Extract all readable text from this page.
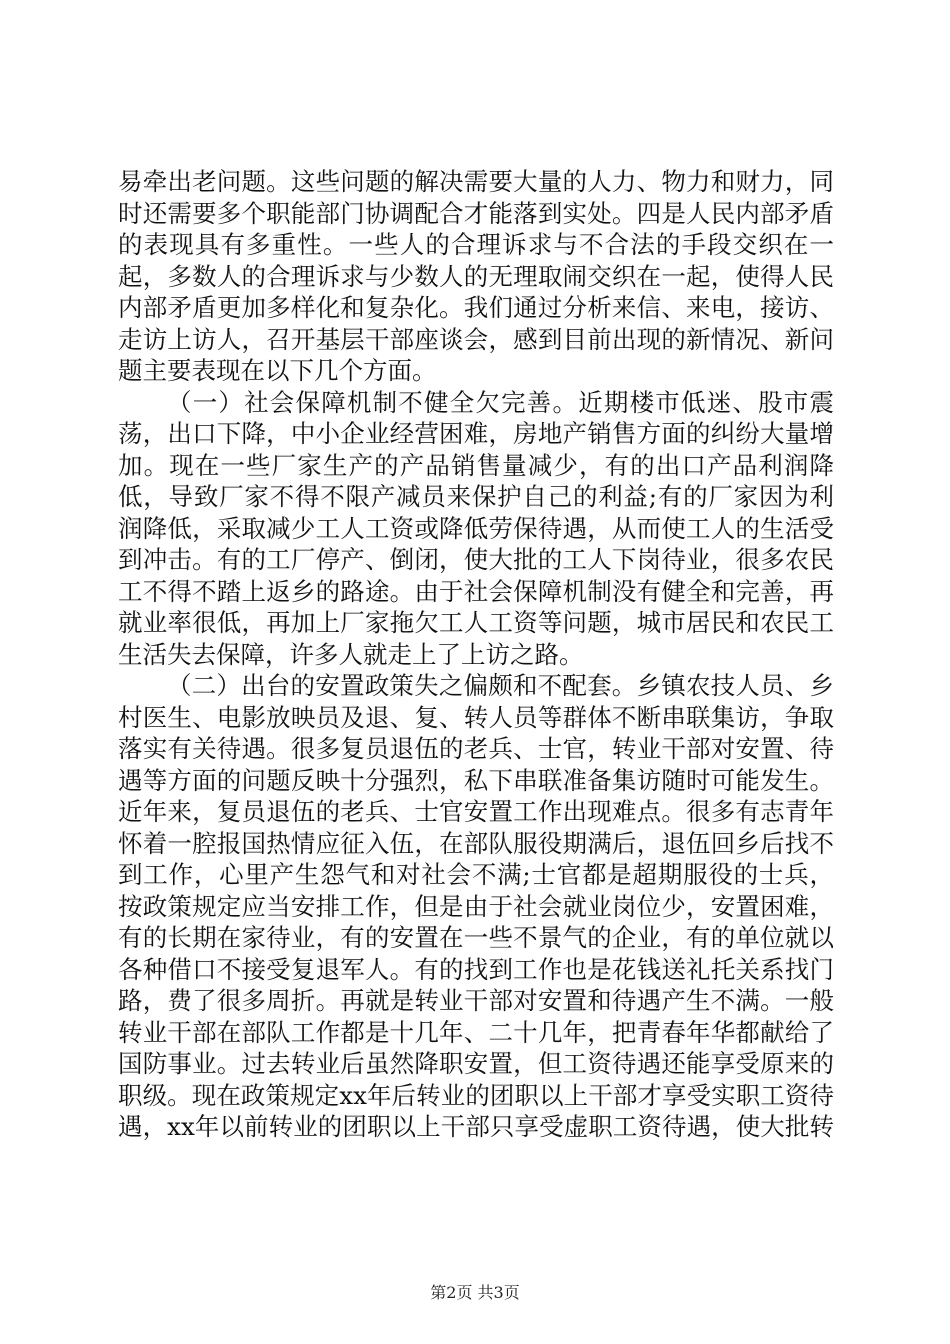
易牵出老问题。这些问题的解决需要大量的人力、物力和财力，同时还需要多个职能部门协调配合才能落到实处。四是人民内部矛盾的表现具有多重性。一些人的合理诉求与不合法的手段交织在一起，多数人的合理诉求与少数人的无理取闹交织在一起，使得人民内部矛盾更加多样化和复杂化。我们通过分析来信、来电，接访、走访上访人，召开基层干部座谈会，感到目前出现的新情况、新问题主要表现在以下几个方面。

（一）社会保障机制不健全欠完善。近期楼市低迷、股市震荡，出口下降，中小企业经营困难，房地产销售方面的纠纷大量增加。现在一些厂家生产的产品销售量减少，有的出口产品利润降低，导致厂家不得不限产减员来保护自己的利益;有的厂家因为利润降低，采取减少工人工资或降低劳保待遇，从而使工人的生活受到冲击。有的工厂停产、倒闭，使大批的工人下岗待业，很多农民工不得不踏上返乡的路途。由于社会保障机制没有健全和完善，再就业率很低，再加上厂家拖欠工人工资等问题，城市居民和农民工生活失去保障，许多人就走上了上访之路。

（二）出台的安置政策失之偏颇和不配套。乡镇农技人员、乡村医生、电影放映员及退、复、转人员等群体不断串联集访，争取落实有关待遇。很多复员退伍的老兵、士官，转业干部对安置、待遇等方面的问题反映十分强烈，私下串联准备集访随时可能发生。近年来，复员退伍的老兵、士官安置工作出现难点。很多有志青年怀着一腔报国热情应征入伍，在部队服役期满后，退伍回乡后找不到工作，心里产生怨气和对社会不满;士官都是超期服役的士兵，按政策规定应当安排工作，但是由于社会就业岗位少，安置困难，有的长期在家待业，有的安置在一些不景气的企业，有的单位就以各种借口不接受复退军人。有的找到工作也是花钱送礼托关系找门路，费了很多周折。再就是转业干部对安置和待遇产生不满。一般转业干部在部队工作都是十几年、二十几年，把青春年华都献给了国防事业。过去转业后虽然降职安置，但工资待遇还能享受原来的职级。现在政策规定xx年后转业的团职以上干部才享受实职工资待遇，xx年以前转业的团职以上干部只享受虚职工资待遇，使大批转

第2页 共3页
